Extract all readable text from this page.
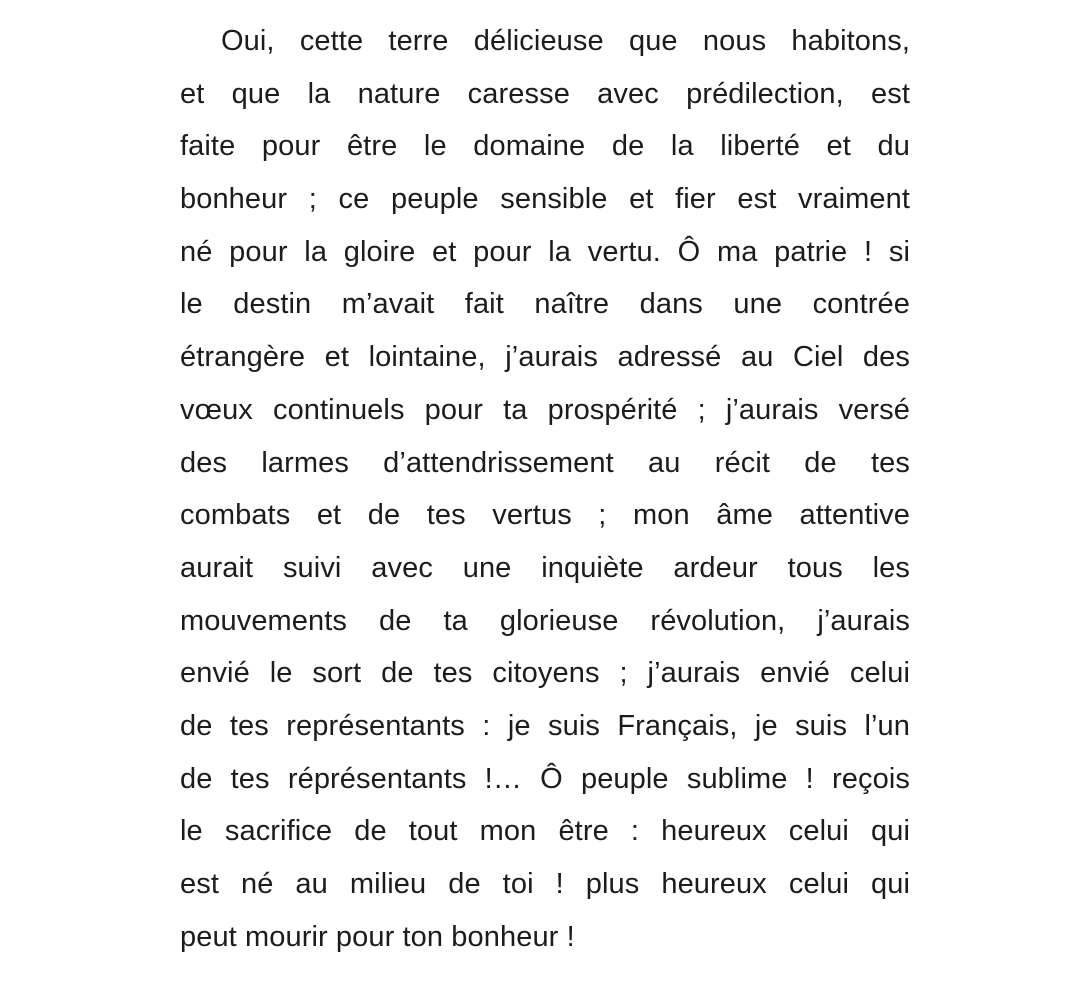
Oui, cette terre délicieuse que nous habitons,
et que la nature caresse avec prédilection, est
faite pour être le domaine de la liberté et du
bonheur ; ce peuple sensible et fier est vraiment
né pour la gloire et pour la vertu. Ô ma patrie ! si
le destin m’avait fait naître dans une contrée
étrangère et lointaine, j’aurais adressé au Ciel des
vœux continuels pour ta prospérité ; j’aurais versé
des larmes d’attendrissement au récit de tes
combats et de tes vertus ; mon âme attentive
aurait suivi avec une inquiète ardeur tous les
mouvements de ta glorieuse révolution, j’aurais
envié le sort de tes citoyens ; j’aurais envié celui
de tes représentants : je suis Français, je suis l’un
de tes réprésentants !… Ô peuple sublime ! reçois
le sacrifice de tout mon être : heureux celui qui
est né au milieu de toi ! plus heureux celui qui
peut mourir pour ton bonheur !
